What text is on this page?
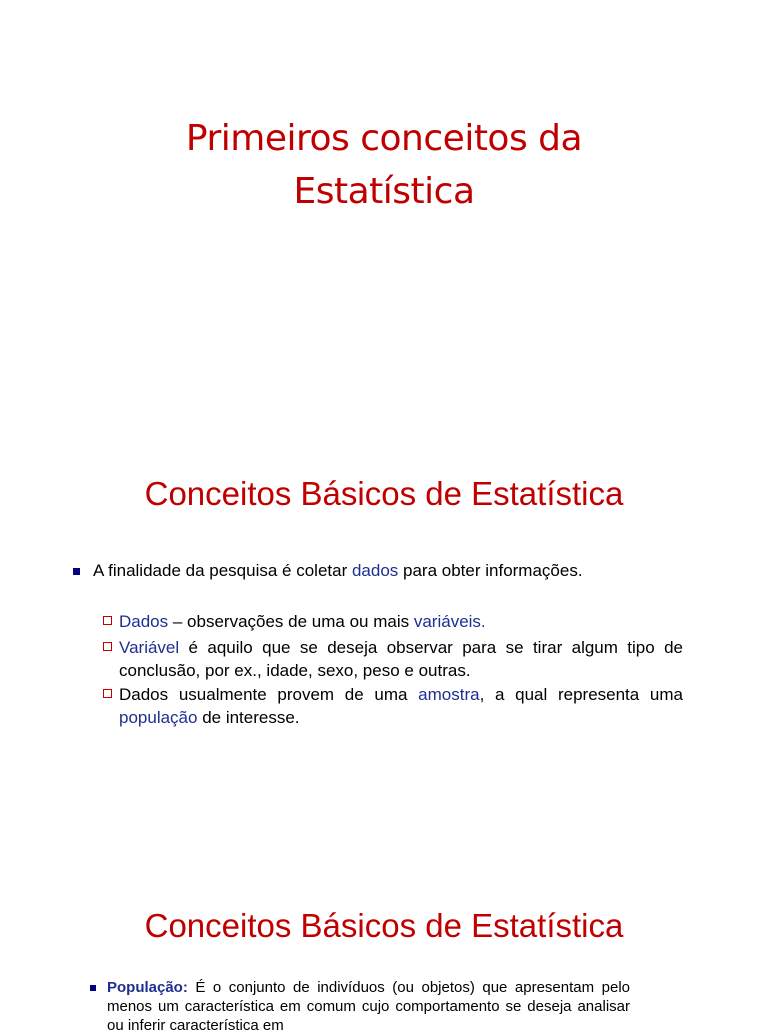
Primeiros conceitos da
Estatística
Conceitos Básicos de Estatística
A finalidade da pesquisa é coletar dados para obter informações.
Dados – observações de uma ou mais variáveis.
Variável é aquilo que se deseja observar para se tirar algum tipo de conclusão, por ex., idade, sexo, peso e outras.
Dados usualmente provem de uma amostra, a qual representa uma população de interesse.
Conceitos Básicos de Estatística
População: É o conjunto de indivíduos (ou objetos) que apresentam pelo menos um característica em comum cujo comportamento se deseja analisar ou inferir característica em
